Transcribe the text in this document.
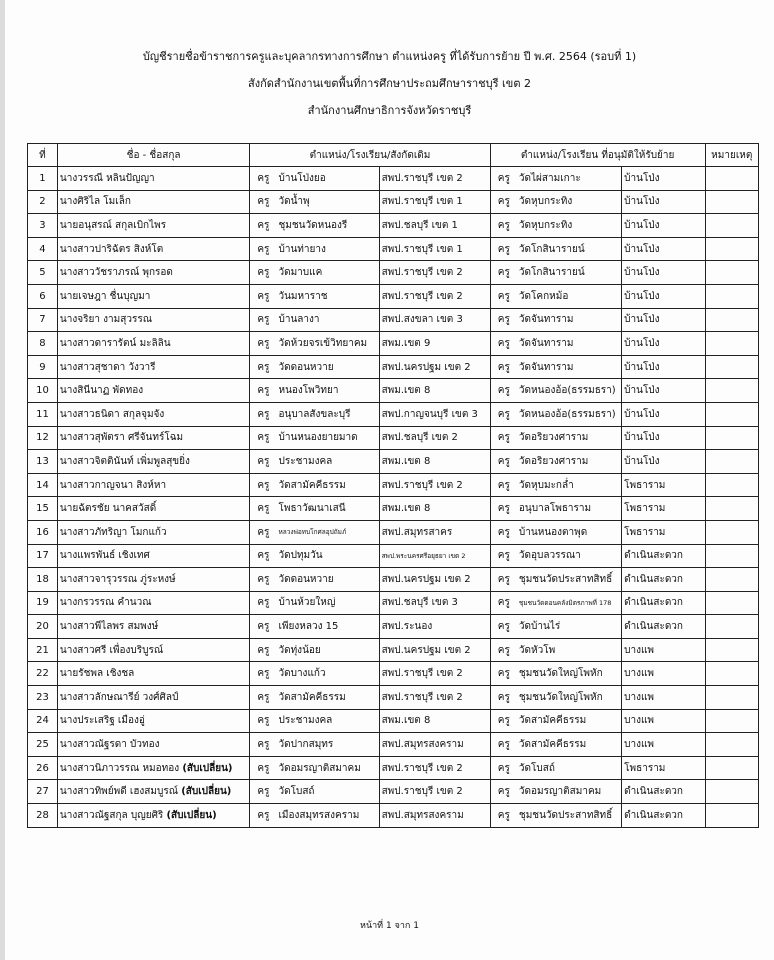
บัญชีรายชื่อข้าราชการครูและบุคลากรทางการศึกษา ตำแหน่งครู ที่ได้รับการย้าย ปี พ.ศ. 2564 (รอบที่ 1)
สังกัดสำนักงานเขตพื้นที่การศึกษาประถมศึกษาราชบุรี เขต 2
สำนักงานศึกษาธิการจังหวัดราชบุรี
ที่	ชื่อ - ชื่อสกุล	ตำแหน่ง/โรงเรียน/สังกัดเดิม			ตำแหน่ง/โรงเรียน ที่อนุมัติให้รับย้าย			หมายเหตุ
1	นางวรรณี หลินปัญญา	ครู	บ้านโป่งยอ	สพป.ราชบุรี เขต 2	ครู	วัดไผ่สามเกาะ	บ้านโป่ง	
2	นางศิริไล โมเล็ก	ครู	วัดน้ำพุ	สพป.ราชบุรี เขต 1	ครู	วัดหุบกระทิง	บ้านโป่ง	
3	นายอนุสรณ์ สกุลเบิกไพร	ครู	ชุมชนวัดหนองรี	สพป.ชลบุรี เขต 1	ครู	วัดหุบกระทิง	บ้านโป่ง	
4	นางสาวปาริฉัตร สิงห์โต	ครู	บ้านท่ายาง	สพป.ราชบุรี เขต 1	ครู	วัดโกสินารายน์	บ้านโป่ง	
5	นางสาววัชราภรณ์ พุกรอด	ครู	วัดมาบแค	สพป.ราชบุรี เขต 2	ครู	วัดโกสินารายน์	บ้านโป่ง	
6	นายเจษฎา ชื่นบุญมา	ครู	วันมหาราช	สพป.ราชบุรี เขต 2	ครู	วัดโคกหม้อ	บ้านโป่ง	
7	นางจริยา งามสุวรรณ	ครู	บ้านลางา	สพป.สงขลา เขต 3	ครู	วัดจันทาราม	บ้านโป่ง	
8	นางสาวดารารัตน์ มะลิลิน	ครู	วัดห้วยจรเข้วิทยาคม	สพม.เขต 9	ครู	วัดจันทาราม	บ้านโป่ง	
9	นางสาวสุชาดา วังวารี	ครู	วัดดอนหวาย	สพป.นครปฐม เขต 2	ครู	วัดจันทาราม	บ้านโป่ง	
10	นางสินีนาฏ พัดทอง	ครู	หนองโพวิทยา	สพม.เขต 8	ครู	วัดหนองอ้อ(ธรรมธรา)	บ้านโป่ง	
11	นางสาวธนิดา สกุลจุมจัง	ครู	อนุบาลสังขละบุรี	สพป.กาญจนบุรี เขต 3	ครู	วัดหนองอ้อ(ธรรมธรา)	บ้านโป่ง	
12	นางสาวสุพัตรา ศรีจันทร์โฉม	ครู	บ้านหนองยายมาด	สพป.ชลบุรี เขต 2	ครู	วัดอริยวงศาราม	บ้านโป่ง	
13	นางสาวจิตตินันท์ เพิ่มพูลสุขยิ่ง	ครู	ประชามงคล	สพม.เขต 8	ครู	วัดอริยวงศาราม	บ้านโป่ง	
14	นางสาวกาญจนา สิงห์หา	ครู	วัดสามัคคีธรรม	สพป.ราชบุรี เขต 2	ครู	วัดหุบมะกล่ำ	โพธาราม	
15	นายฉัตรชัย นาคสวัสดิ์	ครู	โพธาวัฒนาเสนี	สพม.เขต 8	ครู	อนุบาลโพธาราม	โพธาราม	
16	นางสาวภัทริญา โมกแก้ว	ครู	หลวงพ่อทบโกศลอุปถัมภ์	สพป.สมุทรสาคร	ครู	บ้านหนองตาพุด	โพธาราม	
17	นางแพรพันธ์ เชิงเทศ	ครู	วัดปทุมวัน	สพป.พระนครศรีอยุธยา เขต 2	ครู	วัดอุบลวรรณา	ดำเนินสะดวก	
18	นางสาวจารุวรรณ ภู่ระหงษ์	ครู	วัดดอนหวาย	สพป.นครปฐม เขต 2	ครู	ชุมชนวัดประสาทสิทธิ์	ดำเนินสะดวก	
19	นางกรวรรณ คำนวณ	ครู	บ้านห้วยใหญ่	สพป.ชลบุรี เขต 3	ครู	ชุมชนวัดดอนคลังมิตรภาพที่ 178	ดำเนินสะดวก	
20	นางสาวพีไลพร สมพงษ์	ครู	เพียงหลวง 15	สพป.ระนอง	ครู	วัดบ้านไร่	ดำเนินสะดวก	
21	นางสาวศรี เพื่องบริบูรณ์	ครู	วัดทุ่งน้อย	สพป.นครปฐม เขต 2	ครู	วัดหัวโพ	บางแพ	
22	นายรัชพล เชิงชล	ครู	วัดบางแก้ว	สพป.ราชบุรี เขต 2	ครู	ชุมชนวัดใหญ่โพหัก	บางแพ	
23	นางสาวลักษณารีย์ วงศ์ศิลป์	ครู	วัดสามัคคีธรรม	สพป.ราชบุรี เขต 2	ครู	ชุมชนวัดใหญ่โพหัก	บางแพ	
24	นางประเสริฐ เมืองอู่	ครู	ประชามงคล	สพม.เขต 8	ครู	วัดสามัคคีธรรม	บางแพ	
25	นางสาวณัฐรดา บัวทอง	ครู	วัดปากสมุทร	สพป.สมุทรสงคราม	ครู	วัดสามัคคีธรรม	บางแพ	
26	นางสาวนิภาวรรณ หมอทอง (สับเปลี่ยน)	ครู	วัดอมรญาติสมาคม	สพป.ราชบุรี เขต 2	ครู	วัดโบสถ์	โพธาราม	
27	นางสาวทิพย์พดี เฮงสมบูรณ์ (สับเปลี่ยน)	ครู	วัดโบสถ์	สพป.ราชบุรี เขต 2	ครู	วัดอมรญาติสมาคม	ดำเนินสะดวก	
28	นางสาวณัฐสกุล บุญยศิริ (สับเปลี่ยน)	ครู	เมืองสมุทรสงคราม	สพป.สมุทรสงคราม	ครู	ชุมชนวัดประสาทสิทธิ์	ดำเนินสะดวก	
หน้าที่ 1 จาก 1
